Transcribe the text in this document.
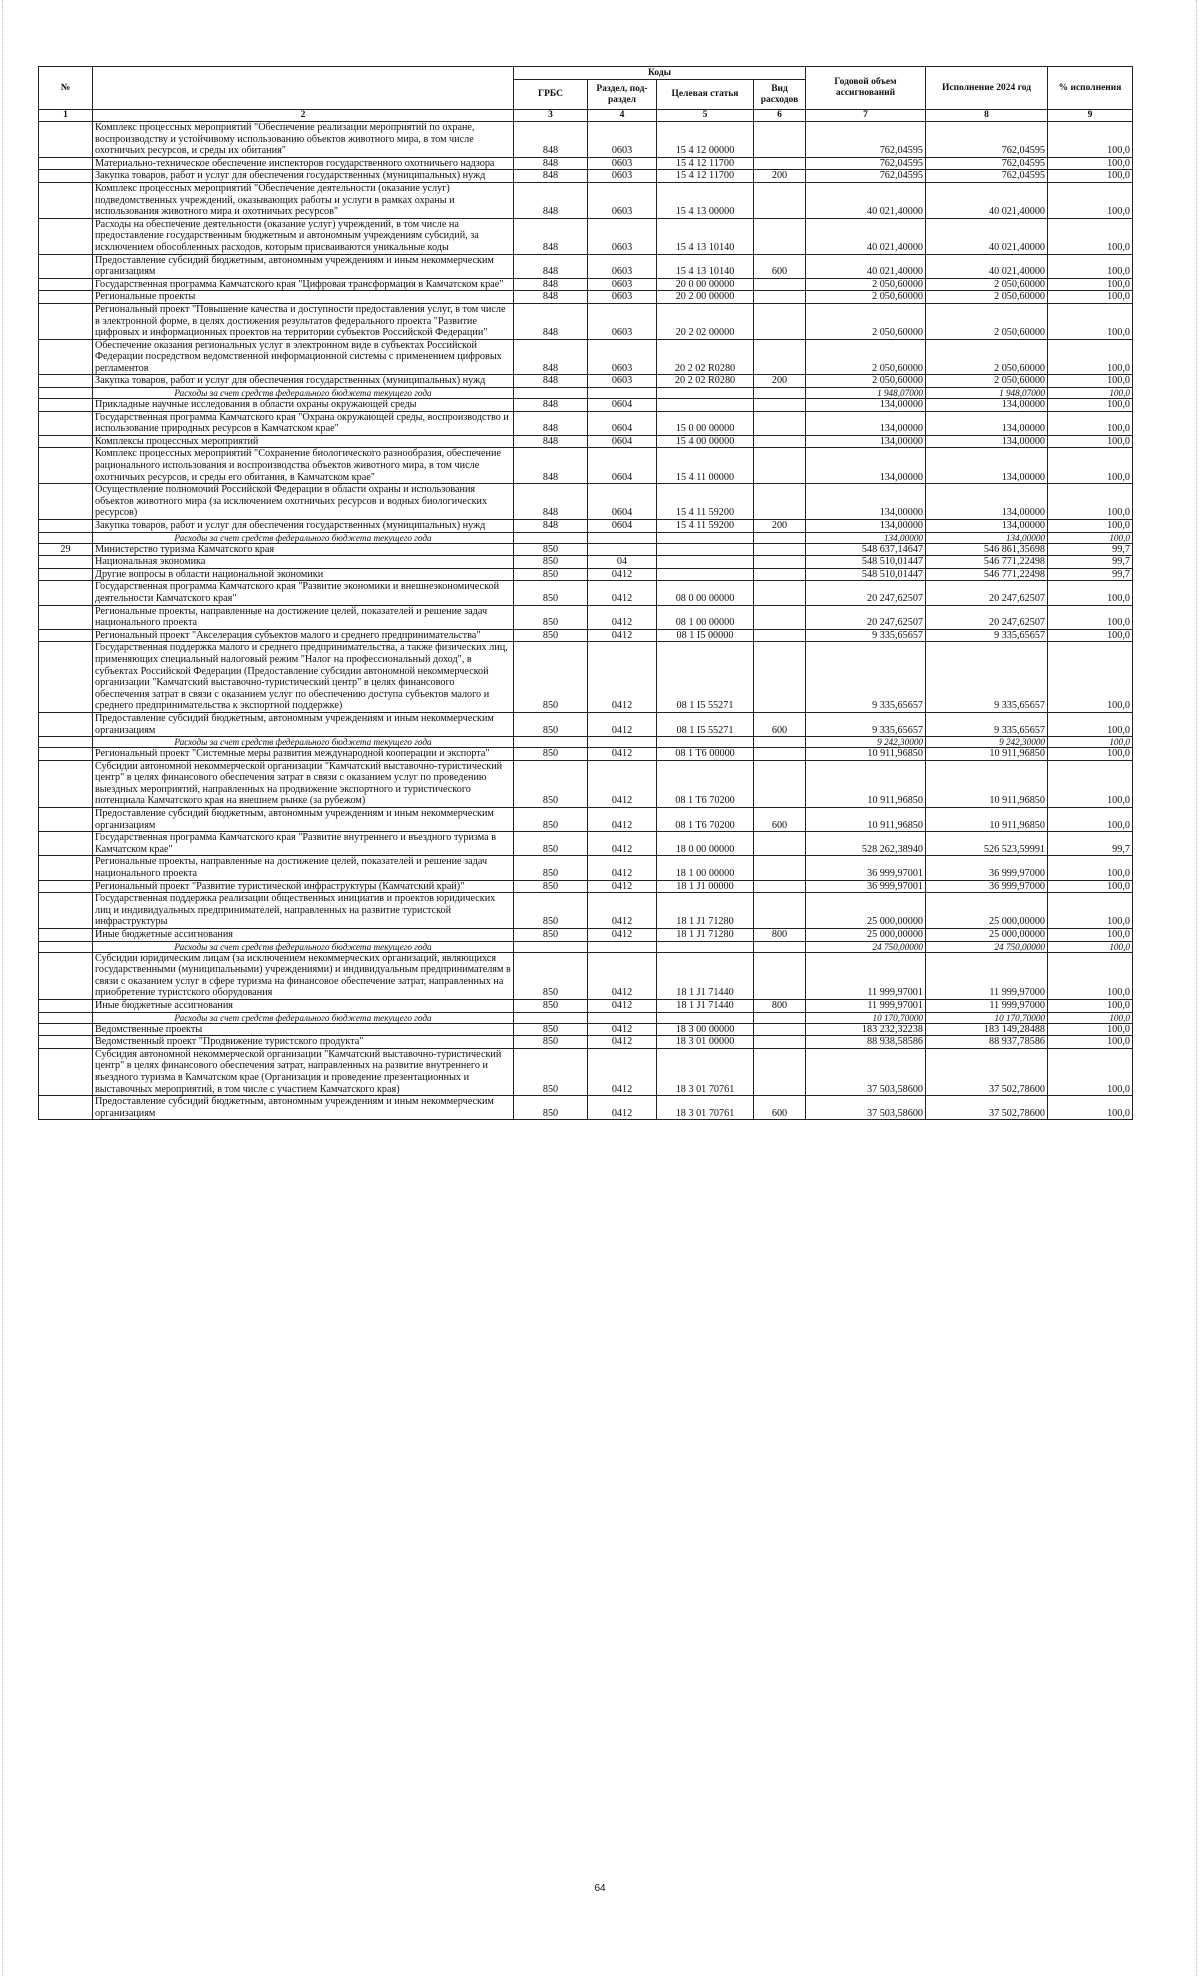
№		Коды				Годовой объем ассигнований	Исполнение 2024 год	% исполнения
		ГРБС	Раздел, под-раздел	Целевая статья	Вид расходов			
1	2	3	4	5	6	7	8	9
	Комплекс процессных мероприятий "Обеспечение реализации мероприятий по охране, воспроизводству и устойчивому использованию объектов животного мира, в том числе охотничьих ресурсов, и среды их обитания"	848	0603	15 4 12 00000		762,04595	762,04595	100,0
	Материально-техническое обеспечение инспекторов государственного охотничьего надзора	848	0603	15 4 12 11700		762,04595	762,04595	100,0
	Закупка товаров, работ и услуг для обеспечения государственных (муниципальных) нужд	848	0603	15 4 12 11700	200	762,04595	762,04595	100,0
	Комплекс процессных мероприятий "Обеспечение деятельности (оказание услуг) подведомственных учреждений, оказывающих работы и услуги в рамках охраны и использования животного мира и охотничьих ресурсов"	848	0603	15 4 13 00000		40 021,40000	40 021,40000	100,0
	Расходы на обеспечение деятельности (оказание услуг) учреждений, в том числе на предоставление государственным бюджетным и автономным учреждениям субсидий, за исключением обособленных расходов, которым присваиваются уникальные коды	848	0603	15 4 13 10140		40 021,40000	40 021,40000	100,0
	Предоставление субсидий бюджетным, автономным учреждениям и иным некоммерческим организациям	848	0603	15 4 13 10140	600	40 021,40000	40 021,40000	100,0
	Государственная программа Камчатского края "Цифровая трансформация в Камчатском крае"	848	0603	20 0 00 00000		2 050,60000	2 050,60000	100,0
	Региональные проекты	848	0603	20 2 00 00000		2 050,60000	2 050,60000	100,0
	Региональный проект "Повышение качества и доступности предоставления услуг, в том числе в электронной форме, в целях достижения результатов федерального проекта "Развитие цифровых и информационных проектов на территории субъектов Российской Федерации"	848	0603	20 2 02 00000		2 050,60000	2 050,60000	100,0
	Обеспечение оказания региональных услуг в электронном виде в субъектах Российской Федерации посредством ведомственной информационной системы с применением цифровых регламентов	848	0603	20 2 02 R0280		2 050,60000	2 050,60000	100,0
	Закупка товаров, работ и услуг для обеспечения государственных (муниципальных) нужд	848	0603	20 2 02 R0280	200	2 050,60000	2 050,60000	100,0
	Расходы за счет средств федерального бюджета текущего года					1 948,07000	1 948,07000	100,0
	Прикладные научные исследования в области охраны окружающей среды	848	0604			134,00000	134,00000	100,0
	Государственная программа Камчатского края "Охрана окружающей среды, воспроизводство и использование природных ресурсов в Камчатском крае"	848	0604	15 0 00 00000		134,00000	134,00000	100,0
	Комплексы процессных мероприятий	848	0604	15 4 00 00000		134,00000	134,00000	100,0
	Комплекс процессных мероприятий "Сохранение биологического разнообразия, обеспечение рационального использования и воспроизводства объектов животного мира, в том числе охотничьих ресурсов, и среды его обитания, в Камчатском крае"	848	0604	15 4 11 00000		134,00000	134,00000	100,0
	Осуществление полномочий Российской Федерации в области охраны и использования объектов животного мира (за исключением охотничьих ресурсов и водных биологических ресурсов)	848	0604	15 4 11 59200		134,00000	134,00000	100,0
	Закупка товаров, работ и услуг для обеспечения государственных (муниципальных) нужд	848	0604	15 4 11 59200	200	134,00000	134,00000	100,0
	Расходы за счет средств федерального бюджета текущего года					134,00000	134,00000	100,0
29	Министерство туризма Камчатского края	850				548 637,14647	546 861,35698	99,7
	Национальная экономика	850	04			548 510,01447	546 771,22498	99,7
	Другие вопросы в области национальной экономики	850	0412			548 510,01447	546 771,22498	99,7
	Государственная программа Камчатского края "Развитие экономики и внешнеэкономической деятельности Камчатского края"	850	0412	08 0 00 00000		20 247,62507	20 247,62507	100,0
	Региональные проекты, направленные на достижение целей, показателей и решение задач национального проекта	850	0412	08 1 00 00000		20 247,62507	20 247,62507	100,0
	Региональный проект "Акселерация субъектов малого и среднего предпринимательства"	850	0412	08 1 I5 00000		9 335,65657	9 335,65657	100,0
	Государственная поддержка малого и среднего предпринимательства, а также физических лиц, применяющих специальный налоговый режим "Налог на профессиональный доход", в субъектах Российской Федерации (Предоставление субсидии автономной некоммерческой организации "Камчатский выставочно-туристический центр" в целях финансового обеспечения затрат в связи с оказанием услуг по обеспечению доступа субъектов малого и среднего предпринимательства к экспортной поддержке)	850	0412	08 1 I5 55271		9 335,65657	9 335,65657	100,0
	Предоставление субсидий бюджетным, автономным учреждениям и иным некоммерческим организациям	850	0412	08 1 I5 55271	600	9 335,65657	9 335,65657	100,0
	Расходы за счет средств федерального бюджета текущего года					9 242,30000	9 242,30000	100,0
	Региональный проект "Системные меры развития международной кооперации и экспорта"	850	0412	08 1 T6 00000		10 911,96850	10 911,96850	100,0
	Субсидии автономной некоммерческой организации "Камчатский выставочно-туристический центр" в целях финансового обеспечения затрат в связи с оказанием услуг по проведению выездных мероприятий, направленных на продвижение экспортного и туристического потенциала Камчатского края на внешнем рынке (за рубежом)	850	0412	08 1 T6 70200		10 911,96850	10 911,96850	100,0
	Предоставление субсидий бюджетным, автономным учреждениям и иным некоммерческим организациям	850	0412	08 1 T6 70200	600	10 911,96850	10 911,96850	100,0
	Государственная программа Камчатского края "Развитие внутреннего и въездного туризма в Камчатском крае"	850	0412	18 0 00 00000		528 262,38940	526 523,59991	99,7
	Региональные проекты, направленные на достижение целей, показателей и решение задач национального проекта	850	0412	18 1 00 00000		36 999,97001	36 999,97000	100,0
	Региональный проект "Развитие туристической инфраструктуры (Камчатский край)"	850	0412	18 1 J1 00000		36 999,97001	36 999,97000	100,0
	Государственная поддержка реализации общественных инициатив и проектов юридических лиц и индивидуальных предпринимателей, направленных на развитие туристской инфраструктуры	850	0412	18 1 J1 71280		25 000,00000	25 000,00000	100,0
	Иные бюджетные ассигнования	850	0412	18 1 J1 71280	800	25 000,00000	25 000,00000	100,0
	Расходы за счет средств федерального бюджета текущего года					24 750,00000	24 750,00000	100,0
	Субсидии юридическим лицам (за исключением некоммерческих организаций, являющихся государственными (муниципальными) учреждениями) и индивидуальным предпринимателям в связи с оказанием услуг в сфере туризма на финансовое обеспечение затрат, направленных на приобретение туристского оборудования	850	0412	18 1 J1 71440		11 999,97001	11 999,97000	100,0
	Иные бюджетные ассигнования	850	0412	18 1 J1 71440	800	11 999,97001	11 999,97000	100,0
	Расходы за счет средств федерального бюджета текущего года					10 170,70000	10 170,70000	100,0
	Ведомственные проекты	850	0412	18 3 00 00000		183 232,32238	183 149,28488	100,0
	Ведомственный проект "Продвижение туристского продукта"	850	0412	18 3 01 00000		88 938,58586	88 937,78586	100,0
	Субсидия автономной некоммерческой организации "Камчатский выставочно-туристический центр" в целях финансового обеспечения затрат, направленных на развитие внутреннего и въездного туризма в Камчатском крае (Организация и проведение презентационных и выставочных мероприятий, в том числе с участием Камчатского края)	850	0412	18 3 01 70761		37 503,58600	37 502,78600	100,0
	Предоставление субсидий бюджетным, автономным учреждениям и иным некоммерческим организациям	850	0412	18 3 01 70761	600	37 503,58600	37 502,78600	100,0
64
